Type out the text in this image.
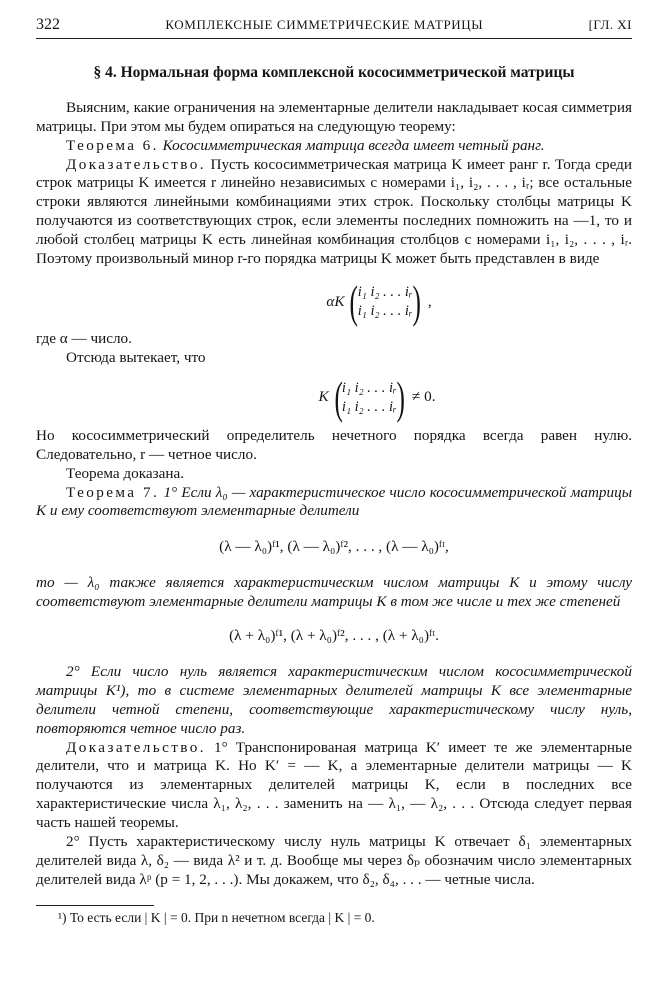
322	КОМПЛЕКСНЫЕ СИММЕТРИЧЕСКИЕ МАТРИЦЫ	[ГЛ. XI
§ 4. Нормальная форма комплексной кососимметрической матрицы

Выясним, какие ограничения на элементарные делители накладывает косая симметрия матрицы. При этом мы будем опираться на следующую теорему:

Теорема 6. Кососимметрическая матрица всегда имеет четный ранг.

Доказательство. Пусть кососимметрическая матрица K имеет ранг r. Тогда среди строк матрицы K имеется r линейно независимых с номерами i₁, i₂, . . . , iᵣ; все остальные строки являются линейными комбинациями этих строк. Поскольку столбцы матрицы K получаются из соответствующих строк, если элементы последних помножить на —1, то и любой столбец матрицы K есть линейная комбинация столбцов с номерами i₁, i₂, . . . , iᵣ. Поэтому произвольный минор r-го порядка матрицы K может быть представлен в виде

αK ( i₁ i₂ . . . iᵣ
i₁ i₂ . . . iᵣ ) ,

где α — число.

Отсюда вытекает, что

K ( i₁ i₂ . . . iᵣ
i₁ i₂ . . . iᵣ ) ≠ 0.

Но кососимметрический определитель нечетного порядка всегда равен нулю. Следовательно, r — четное число.

Теорема доказана.

Теорема 7. 1° Если λ₀ — характеристическое число кососимметрической матрицы K и ему соответствуют элементарные делители

(λ — λ₀)ᶠ¹, (λ — λ₀)ᶠ², . . . , (λ — λ₀)ᶠᵗ,

то — λ₀ также является характеристическим числом матрицы K и этому числу соответствуют элементарные делители матрицы K в том же числе и тех же степеней

(λ + λ₀)ᶠ¹, (λ + λ₀)ᶠ², . . . , (λ + λ₀)ᶠᵗ.

2° Если число нуль является характеристическим числом кососимметрической матрицы K¹), то в системе элементарных делителей матрицы K все элементарные делители четной степени, соответствующие характеристическому числу нуль, повторяются четное число раз.

Доказательство. 1° Транспонированая матрица K′ имеет те же элементарные делители, что и матрица K. Но K′ = — K, а элементарные делители матрицы — K получаются из элементарных делителей матрицы K, если в последних все характеристические числа λ₁, λ₂, . . . заменить на — λ₁, — λ₂, . . . Отсюда следует первая часть нашей теоремы.

2° Пусть характеристическому числу нуль матрицы K отвечает δ₁ элементарных делителей вида λ, δ₂ — вида λ² и т. д. Вообще мы через δₚ обозначим число элементарных делителей вида λᵖ (p = 1, 2, . . .). Мы докажем, что δ₂, δ₄, . . . — четные числа.

¹) То есть если | K | = 0. При n нечетном всегда | K | = 0.
